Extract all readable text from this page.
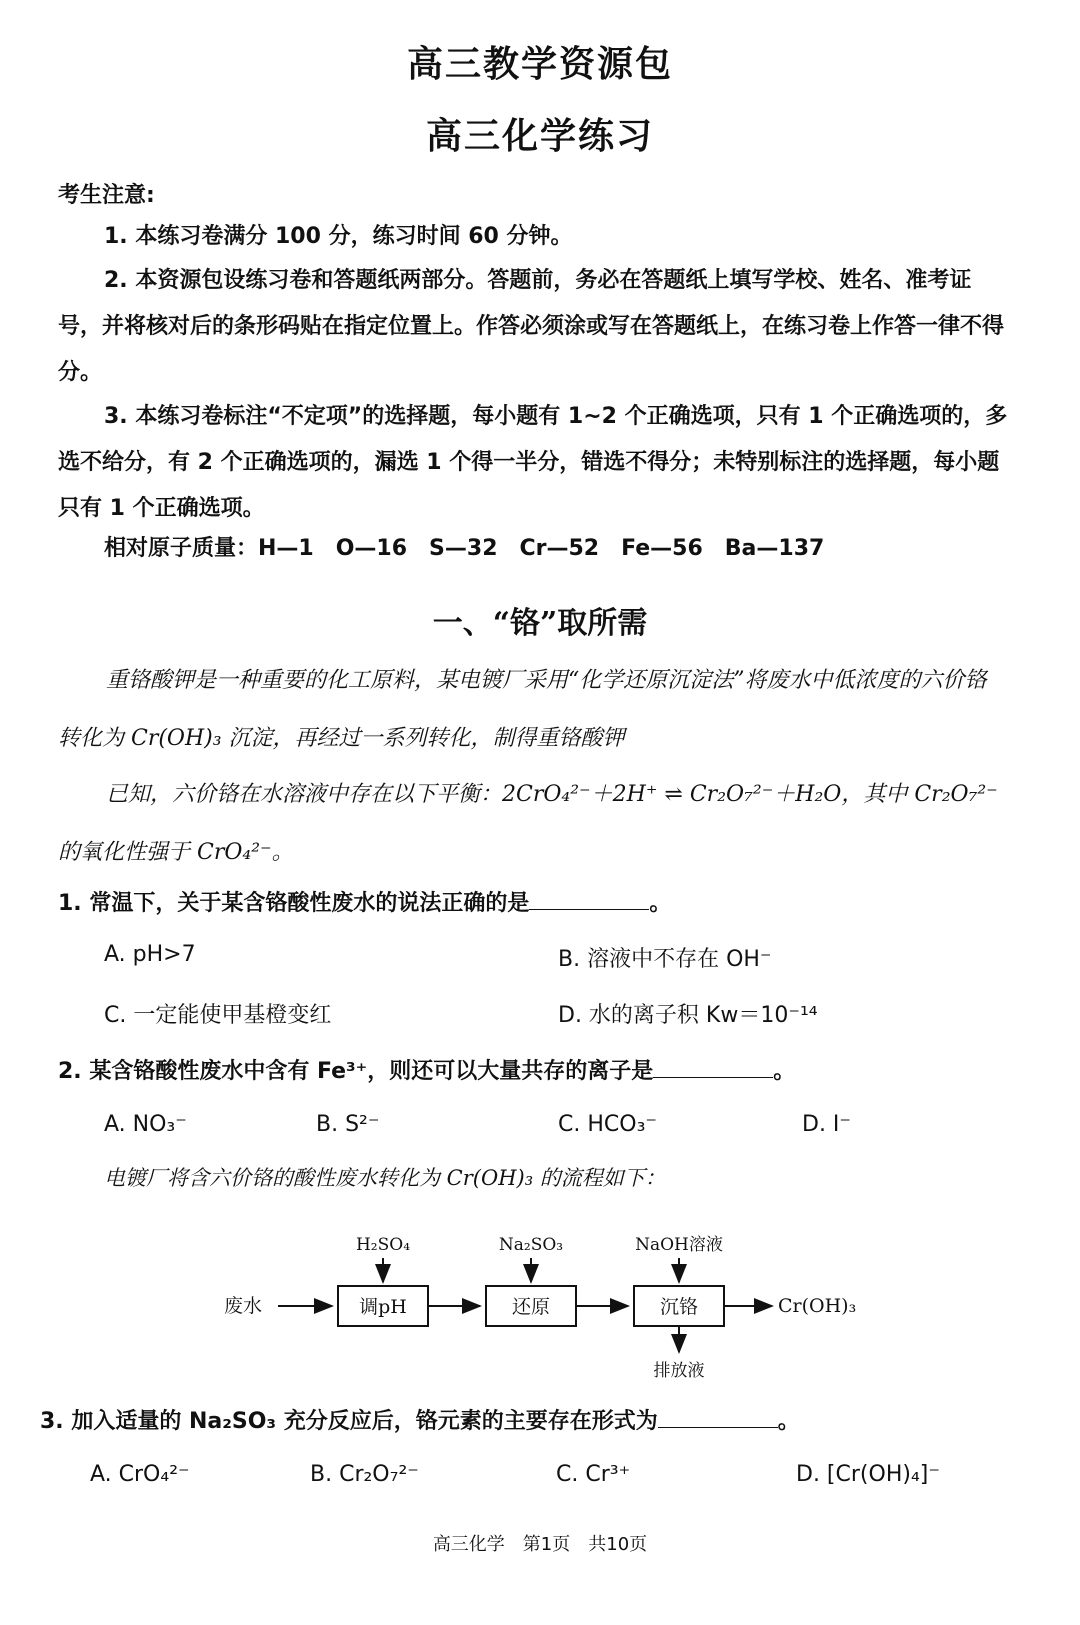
高三教学资源包
高三化学练习
考生注意:
1. 本练习卷满分 100 分，练习时间 60 分钟。
2. 本资源包设练习卷和答题纸两部分。答题前，务必在答题纸上填写学校、姓名、准考证号，并将核对后的条形码贴在指定位置上。作答必须涂或写在答题纸上，在练习卷上作答一律不得分。
3. 本练习卷标注“不定项”的选择题，每小题有 1~2 个正确选项，只有 1 个正确选项的，多选不给分，有 2 个正确选项的，漏选 1 个得一半分，错选不得分；未特别标注的选择题，每小题只有 1 个正确选项。
相对原子质量：H—1　O—16　S—32　Cr—52　Fe—56　Ba—137
一、“铬”取所需
重铬酸钾是一种重要的化工原料，某电镀厂采用“化学还原沉淀法”将废水中低浓度的六价铬转化为 Cr(OH)₃ 沉淀，再经过一系列转化，制得重铬酸钾
已知，六价铬在水溶液中存在以下平衡：2CrO₄²⁻＋2H⁺ ⇌ Cr₂O₇²⁻＋H₂O，其中 Cr₂O₇²⁻ 的氧化性强于 CrO₄²⁻。
1. 常温下，关于某含铬酸性废水的说法正确的是	。
A. pH>7	B. 溶液中不存在 OH⁻
C. 一定能使甲基橙变红	D. 水的离子积 Kw＝10⁻¹⁴
2. 某含铬酸性废水中含有 Fe³⁺，则还可以大量共存的离子是	。
A. NO₃⁻	B. S²⁻	C. HCO₃⁻	D. I⁻
电镀厂将含六价铬的酸性废水转化为 Cr(OH)₃ 的流程如下：
废水	调pH	还原	沉铬	Cr(OH)₃
H₂SO₄	Na₂SO₃	NaOH溶液
排放液
3. 加入适量的 Na₂SO₃ 充分反应后，铬元素的主要存在形式为	。
A. CrO₄²⁻	B. Cr₂O₇²⁻	C. Cr³⁺	D. [Cr(OH)₄]⁻
高三化学　第1页　共10页
